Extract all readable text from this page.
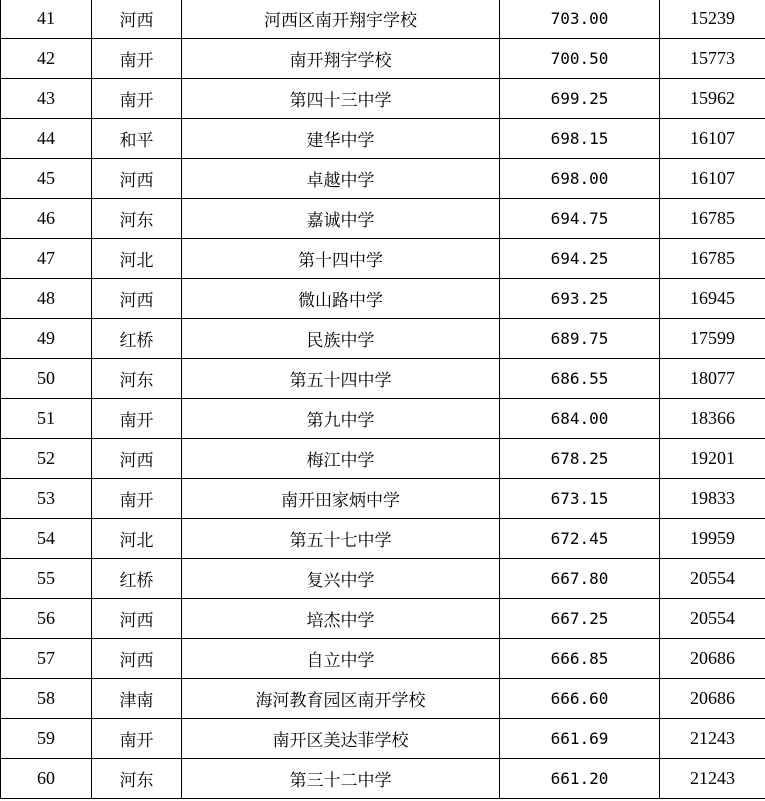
41	河西	河西区南开翔宇学校	703.00	15239
42	南开	南开翔宇学校	700.50	15773
43	南开	第四十三中学	699.25	15962
44	和平	建华中学	698.15	16107
45	河西	卓越中学	698.00	16107
46	河东	嘉诚中学	694.75	16785
47	河北	第十四中学	694.25	16785
48	河西	微山路中学	693.25	16945
49	红桥	民族中学	689.75	17599
50	河东	第五十四中学	686.55	18077
51	南开	第九中学	684.00	18366
52	河西	梅江中学	678.25	19201
53	南开	南开田家炳中学	673.15	19833
54	河北	第五十七中学	672.45	19959
55	红桥	复兴中学	667.80	20554
56	河西	培杰中学	667.25	20554
57	河西	自立中学	666.85	20686
58	津南	海河教育园区南开学校	666.60	20686
59	南开	南开区美达菲学校	661.69	21243
60	河东	第三十二中学	661.20	21243
